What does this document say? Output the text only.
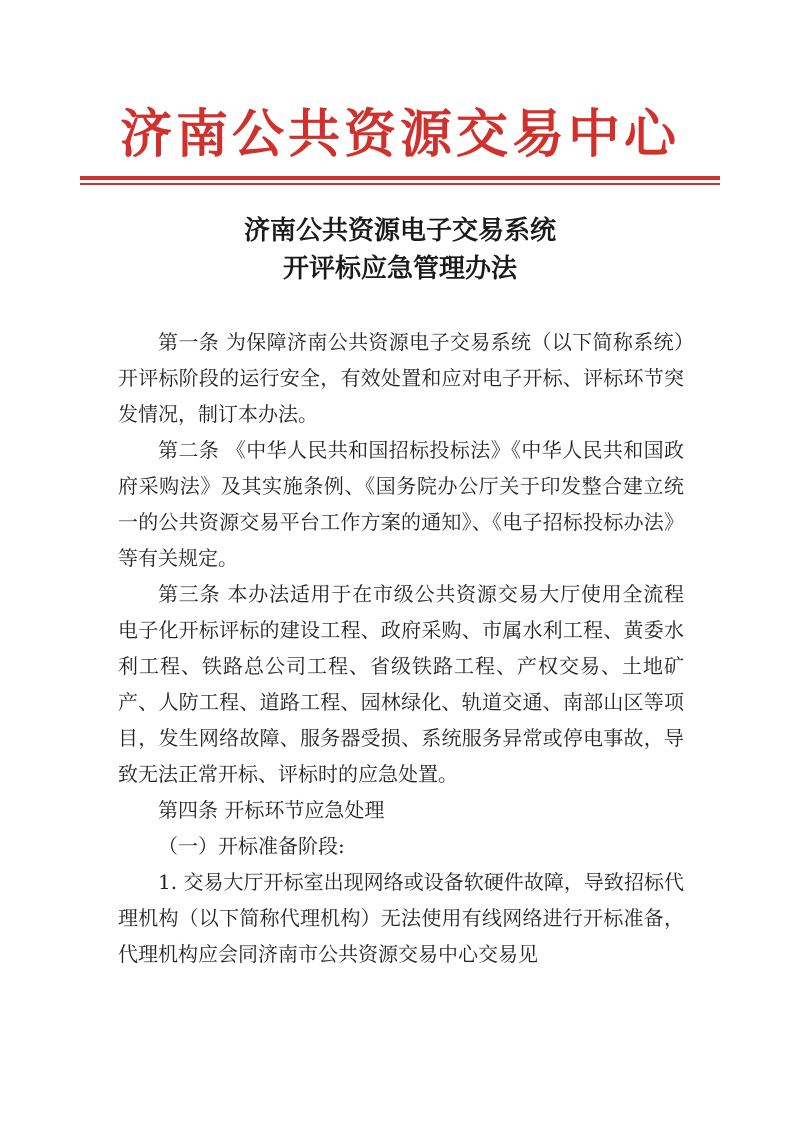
济南公共资源交易中心
济南公共资源电子交易系统
开评标应急管理办法

第一条 为保障济南公共资源电子交易系统（以下简称系统）开评标阶段的运行安全，有效处置和应对电子开标、评标环节突发情况，制订本办法。

第二条 《中华人民共和国招标投标法》《中华人民共和国政府采购法》及其实施条例、《国务院办公厅关于印发整合建立统一的公共资源交易平台工作方案的通知》、《电子招标投标办法》等有关规定。

第三条 本办法适用于在市级公共资源交易大厅使用全流程电子化开标评标的建设工程、政府采购、市属水利工程、黄委水利工程、铁路总公司工程、省级铁路工程、产权交易、土地矿产、人防工程、道路工程、园林绿化、轨道交通、南部山区等项目，发生网络故障、服务器受损、系统服务异常或停电事故，导致无法正常开标、评标时的应急处置。

第四条 开标环节应急处理

（一）开标准备阶段:

1. 交易大厅开标室出现网络或设备软硬件故障，导致招标代理机构（以下简称代理机构）无法使用有线网络进行开标准备，代理机构应会同济南市公共资源交易中心交易见
